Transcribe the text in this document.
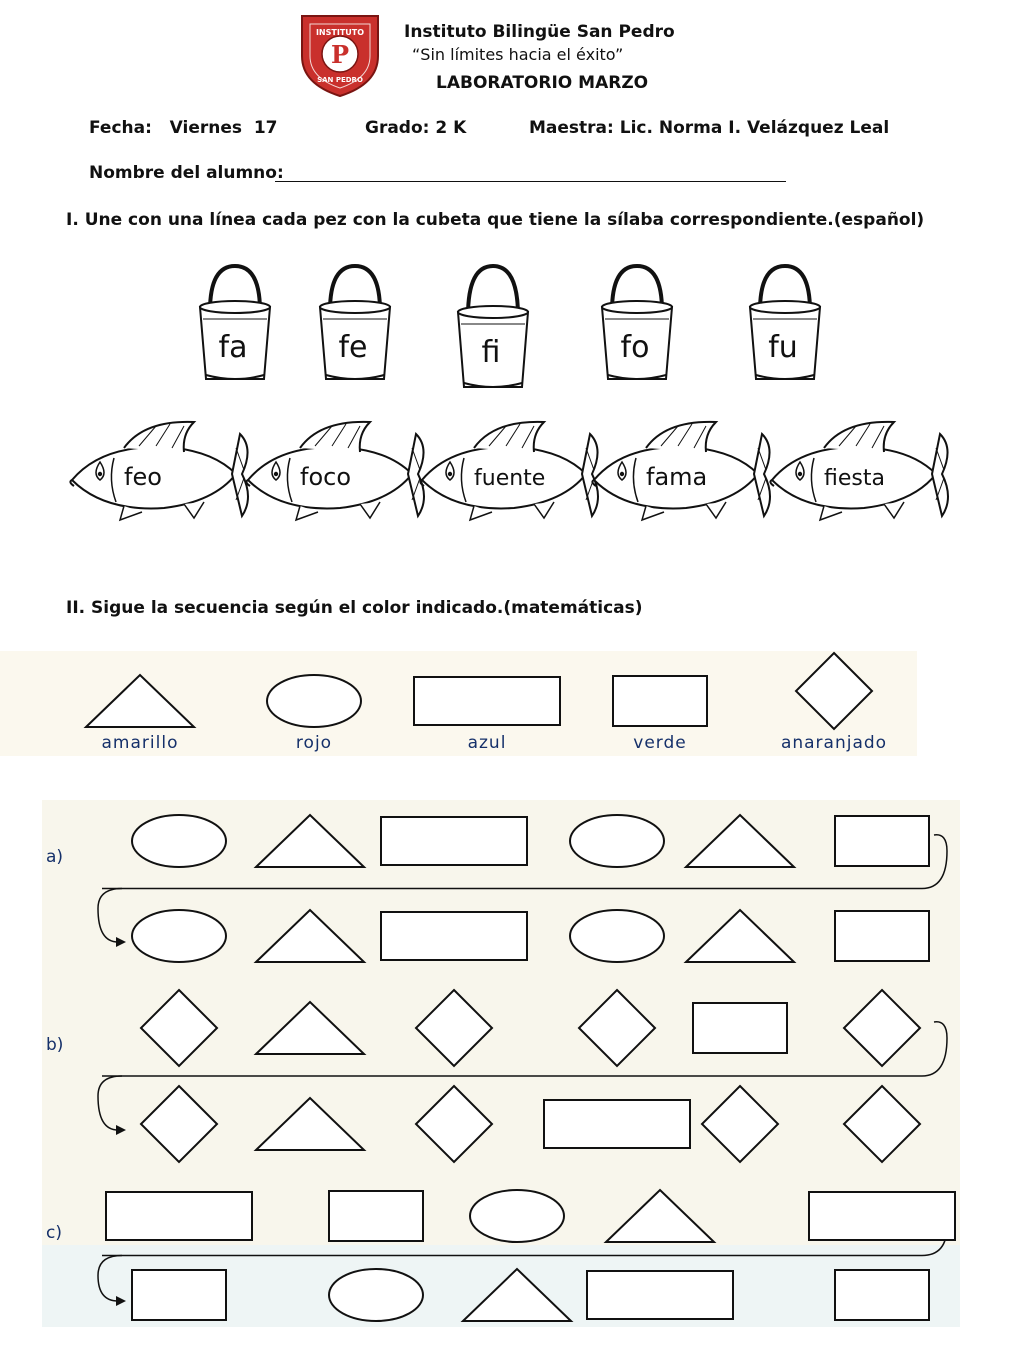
P
INSTITUTO
SAN PEDRO
Instituto Bilingüe San Pedro
“Sin límites hacia el éxito”
LABORATORIO MARZO
Fecha:   Viernes  17	Grado: 2 K	Maestra: Lic. Norma I. Velázquez Leal
Nombre del alumno:
I. Une con una línea cada pez con la cubeta que tiene la sílaba correspondiente.(español)
fa	fe	fi	fo	fu
feo	foco	fuente	fama	fiesta
II. Sigue la secuencia según el color indicado.(matemáticas)
amarillo	rojo	azul	verde	anaranjado
a)
b)
c)
